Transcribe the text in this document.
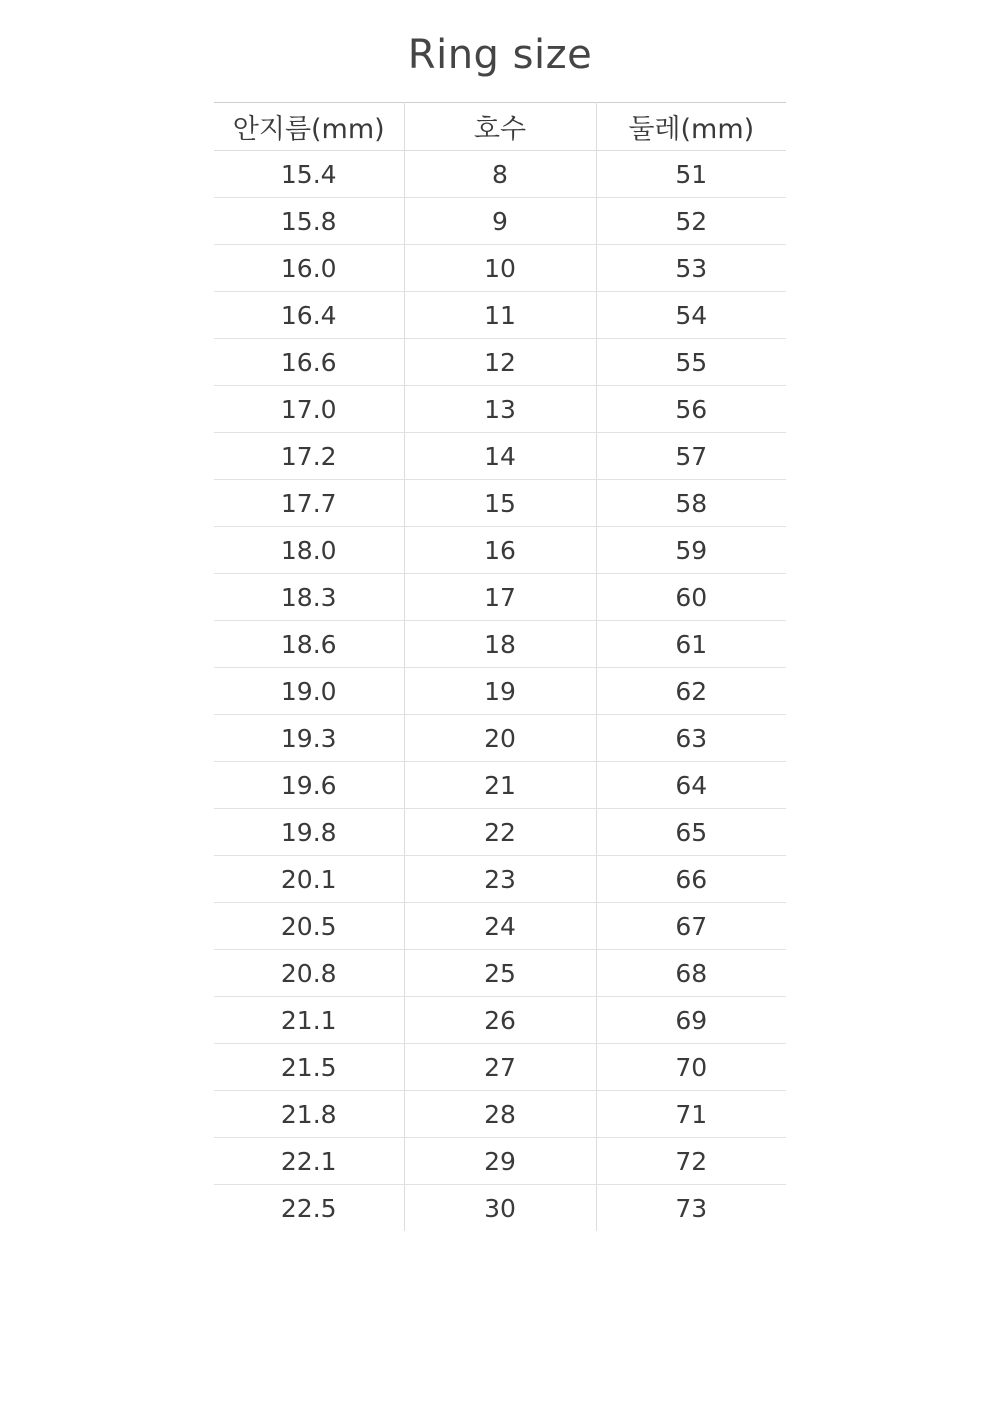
Ring size
안지름(mm)	호수	둘레(mm)
15.4	8	51
15.8	9	52
16.0	10	53
16.4	11	54
16.6	12	55
17.0	13	56
17.2	14	57
17.7	15	58
18.0	16	59
18.3	17	60
18.6	18	61
19.0	19	62
19.3	20	63
19.6	21	64
19.8	22	65
20.1	23	66
20.5	24	67
20.8	25	68
21.1	26	69
21.5	27	70
21.8	28	71
22.1	29	72
22.5	30	73
